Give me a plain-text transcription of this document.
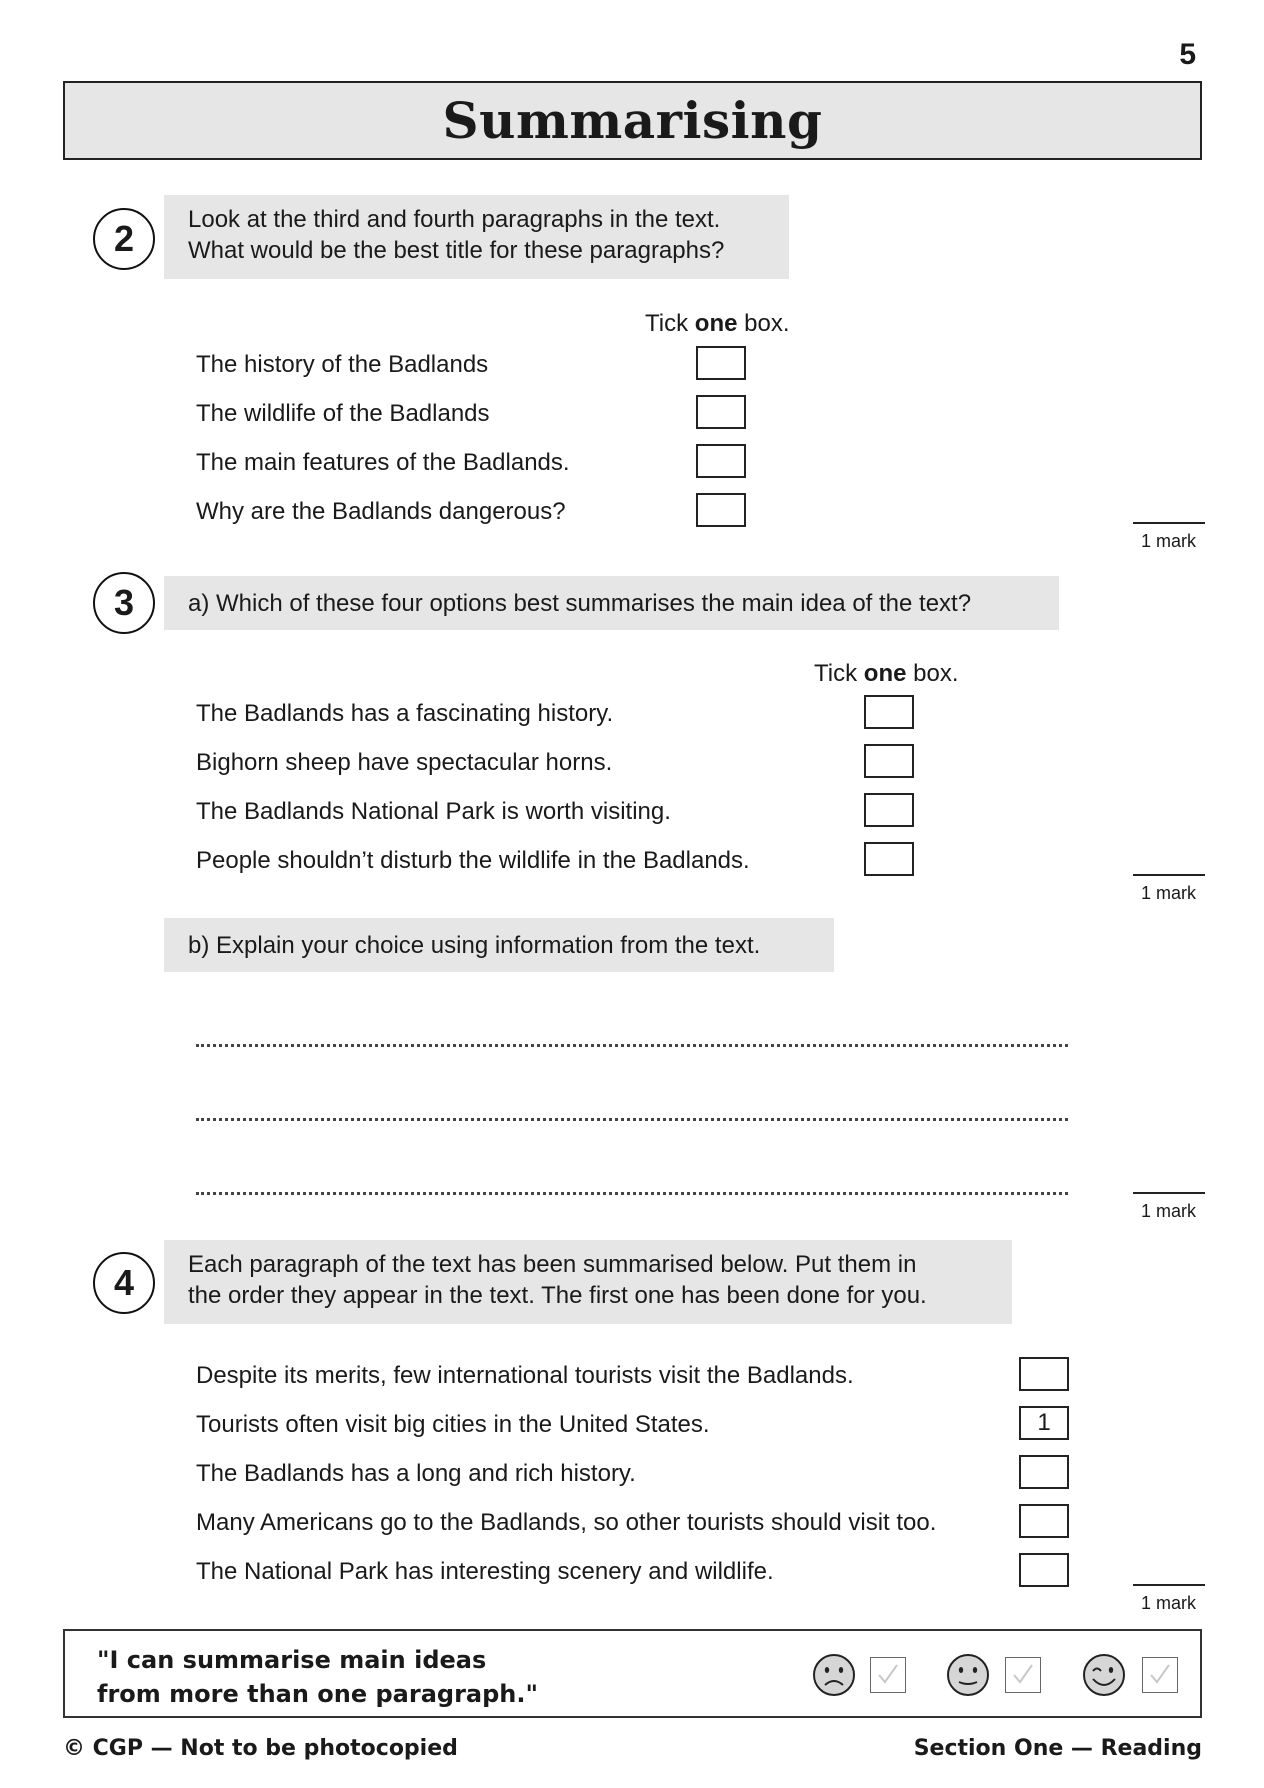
5
Summarising
2	Look at the third and fourth paragraphs in the text.
What would be the best title for these paragraphs?
Tick one box.
The history of the Badlands
The wildlife of the Badlands
The main features of the Badlands.
Why are the Badlands dangerous?
1 mark
3	a) Which of these four options best summarises the main idea of the text?
Tick one box.
The Badlands has a fascinating history.
Bighorn sheep have spectacular horns.
The Badlands National Park is worth visiting.
People shouldn’t disturb the wildlife in the Badlands.
1 mark
b) Explain your choice using information from the text.
1 mark
4	Each paragraph of the text has been summarised below. Put them in
the order they appear in the text. The first one has been done for you.
Despite its merits, few international tourists visit the Badlands.
Tourists often visit big cities in the United States.	1
The Badlands has a long and rich history.
Many Americans go to the Badlands, so other tourists should visit too.
The National Park has interesting scenery and wildlife.
1 mark
"I can summarise main ideas
from more than one paragraph."
© CGP — Not to be photocopied	Section One — Reading
